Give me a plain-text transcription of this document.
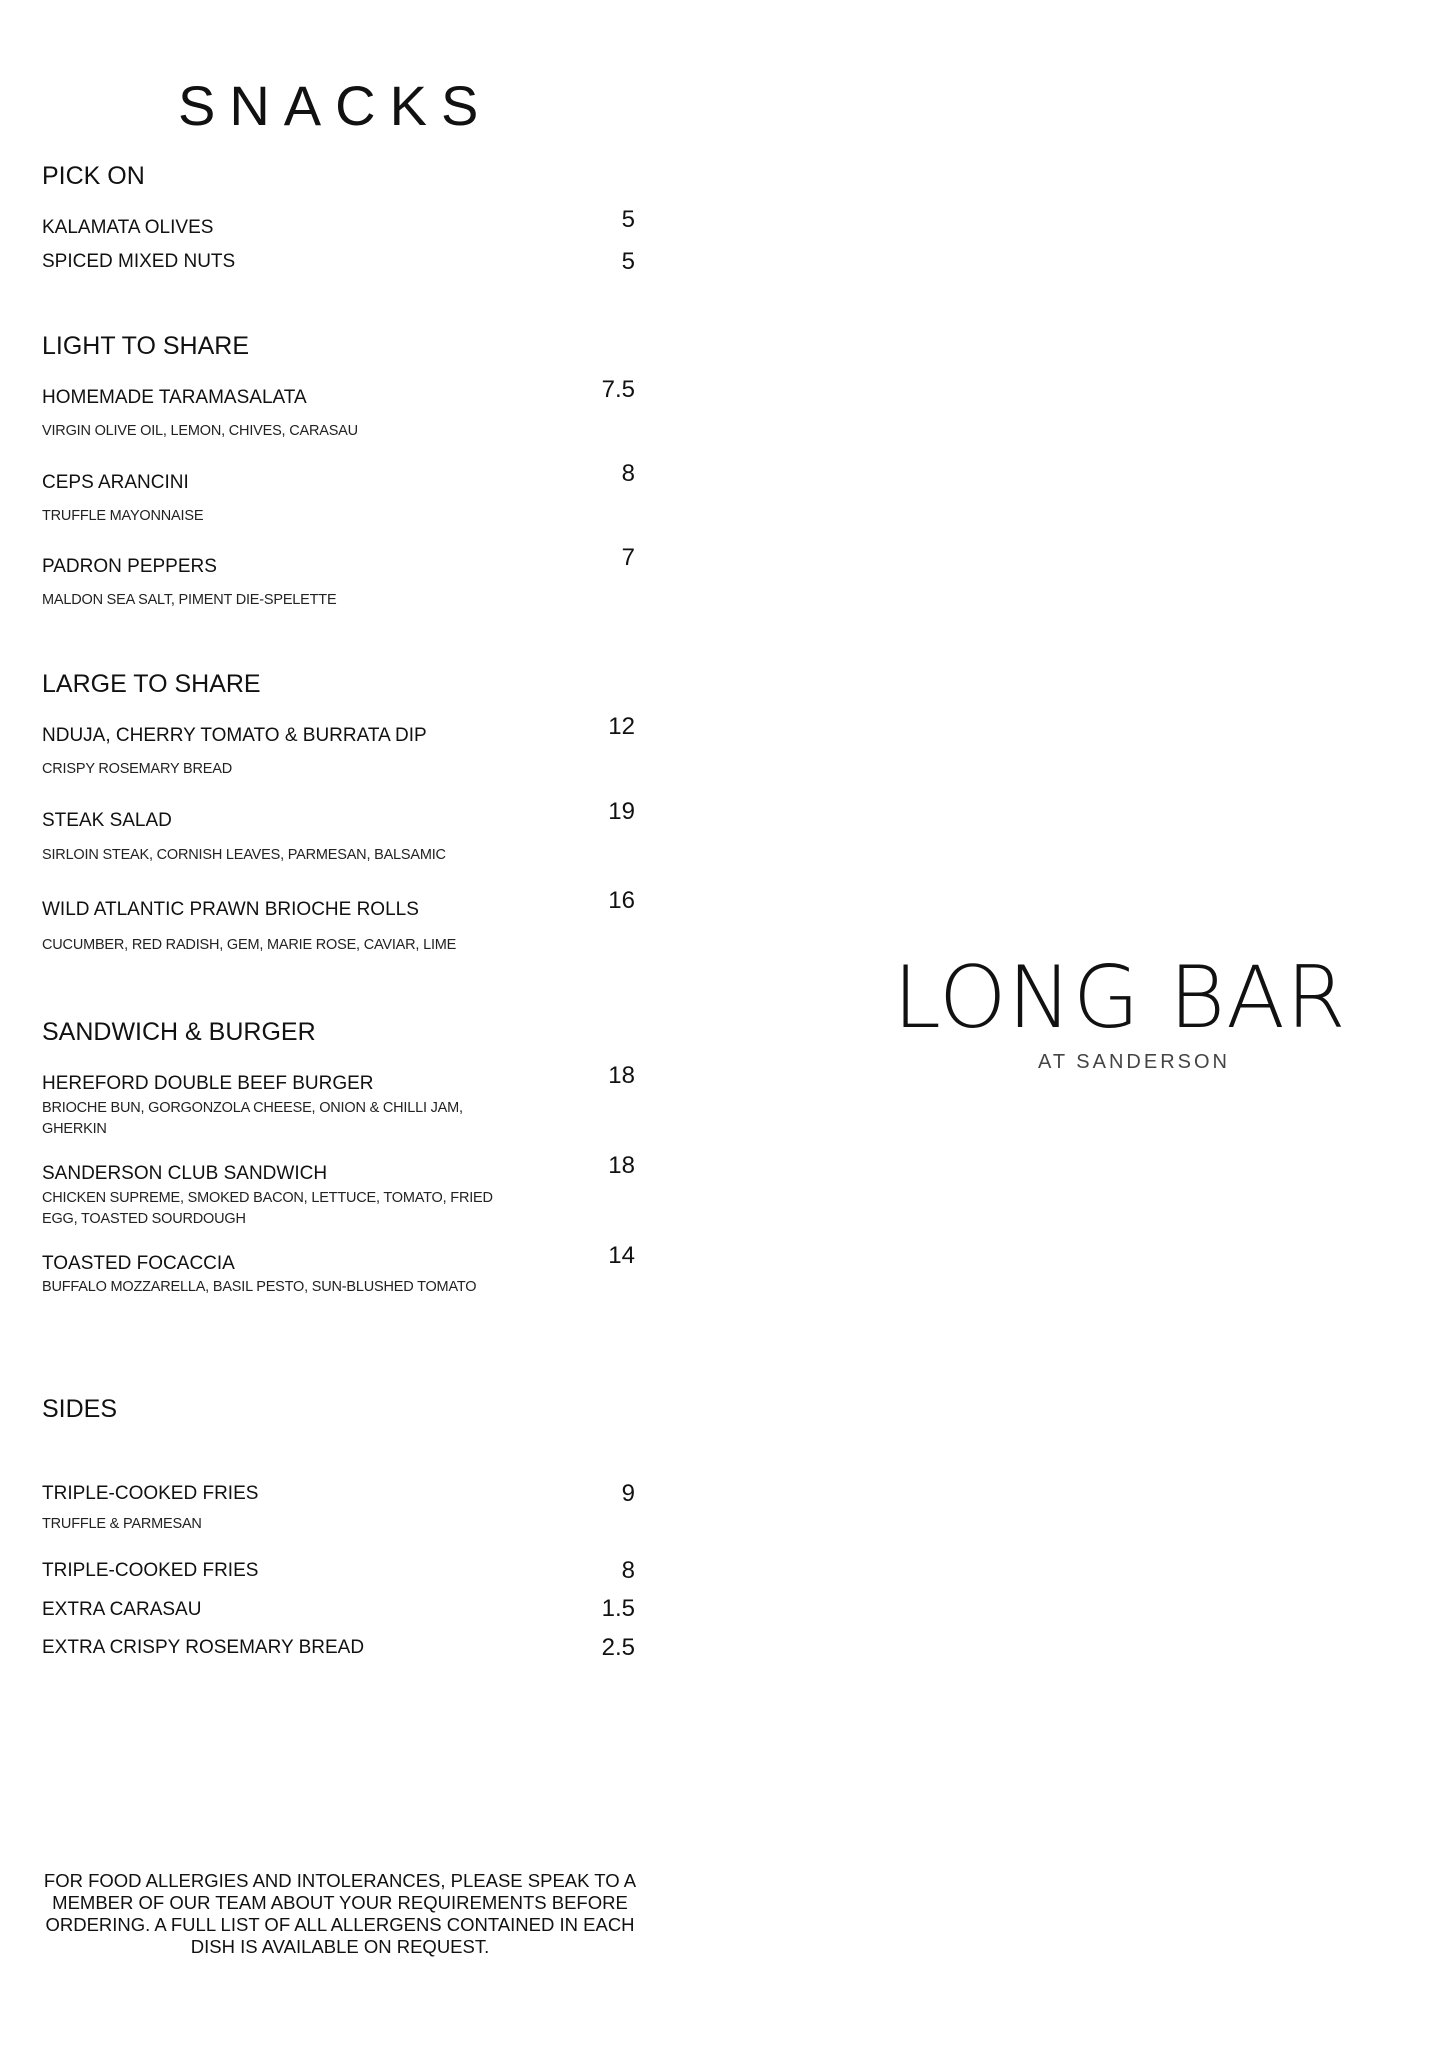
SNACKS
PICK ON
KALAMATA OLIVES	5
SPICED MIXED NUTS	5
LIGHT TO SHARE
HOMEMADE TARAMASALATA	7.5
VIRGIN OLIVE OIL, LEMON, CHIVES, CARASAU
CEPS ARANCINI	8
TRUFFLE MAYONNAISE
PADRON PEPPERS	7
MALDON SEA SALT, PIMENT DIE-SPELETTE
LARGE TO SHARE
NDUJA, CHERRY TOMATO & BURRATA DIP	12
CRISPY ROSEMARY BREAD
STEAK SALAD	19
SIRLOIN STEAK, CORNISH LEAVES, PARMESAN, BALSAMIC
WILD ATLANTIC PRAWN BRIOCHE ROLLS	16
CUCUMBER, RED RADISH, GEM, MARIE ROSE, CAVIAR, LIME
SANDWICH & BURGER
HEREFORD DOUBLE BEEF BURGER	18
BRIOCHE BUN, GORGONZOLA CHEESE, ONION & CHILLI JAM, GHERKIN
SANDERSON CLUB SANDWICH	18
CHICKEN SUPREME, SMOKED BACON, LETTUCE, TOMATO, FRIED EGG, TOASTED SOURDOUGH
TOASTED FOCACCIA	14
BUFFALO MOZZARELLA, BASIL PESTO, SUN-BLUSHED TOMATO
SIDES
TRIPLE-COOKED FRIES	9
TRUFFLE & PARMESAN
TRIPLE-COOKED FRIES	8
EXTRA CARASAU	1.5
EXTRA CRISPY ROSEMARY BREAD	2.5
LONG BAR
AT SANDERSON
FOR FOOD ALLERGIES AND INTOLERANCES, PLEASE SPEAK TO A MEMBER OF OUR TEAM ABOUT YOUR REQUIREMENTS BEFORE ORDERING. A FULL LIST OF ALL ALLERGENS CONTAINED IN EACH DISH IS AVAILABLE ON REQUEST.
